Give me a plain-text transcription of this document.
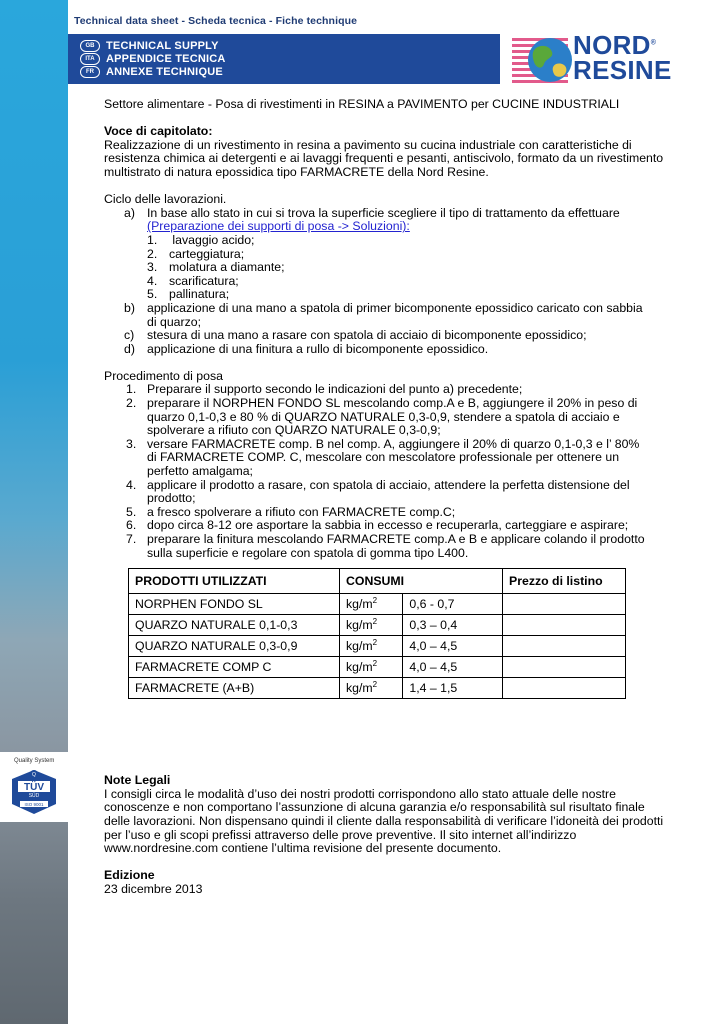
Quality System
Q
TÜV
SÜD
ISO 9001
Technical data sheet - Scheda tecnica - Fiche technique
GB	TECHNICAL SUPPLY
ITA	APPENDICE TECNICA
FR	ANNEXE TECHNIQUE
NORD®
RESINE

Settore alimentare - Posa di rivestimenti in RESINA a PAVIMENTO per CUCINE INDUSTRIALI

Voce di capitolato:

Realizzazione di un rivestimento in resina a pavimento su cucina industriale con caratteristiche di resistenza chimica ai detergenti e ai lavaggi frequenti e pesanti, antiscivolo, formato da un rivestimento multistrato di natura epossidica tipo FARMACRETE della Nord Resine.

Ciclo delle lavorazioni.

a) In base allo stato in cui si trova la superficie scegliere il tipo di trattamento da effettuare

(Preparazione dei supporti di posa -> Soluzioni):

1. lavaggio acido;
2. carteggiatura;
3. molatura a diamante;
4. scarificatura;
5. pallinatura;
b) applicazione di una mano a spatola di primer bicomponente epossidico caricato con sabbia di quarzo;
c)	stesura di una mano a rasare con spatola di acciaio di bicomponente epossidico;
d) applicazione di una finitura a rullo di bicomponente epossidico.

Procedimento di posa

1. Preparare il supporto secondo le indicazioni del punto a) precedente;
2. preparare il NORPHEN FONDO SL mescolando comp.A e B, aggiungere il 20% in peso di quarzo 0,1-0,3 e 80 % di QUARZO NATURALE 0,3-0,9, stendere a spatola di acciaio e spolverare a rifiuto con QUARZO NATURALE 0,3-0,9;
3. versare FARMACRETE comp. B nel comp. A, aggiungere il 20% di quarzo 0,1-0,3 e l’ 80% di FARMACRETE COMP. C, mescolare con mescolatore professionale per ottenere un perfetto amalgama;
4. applicare il prodotto a rasare, con spatola di acciaio, attendere la perfetta distensione del prodotto;
5. a fresco spolverare a rifiuto con FARMACRETE comp.C;
6. dopo circa 8-12 ore asportare la sabbia in eccesso e recuperarla, carteggiare e aspirare;
7. preparare la finitura mescolando FARMACRETE comp.A e B e applicare colando il prodotto sulla superficie e regolare con spatola di gomma tipo L400.

Note Legali

I consigli circa le modalità d’uso dei nostri prodotti corrispondono allo stato attuale delle nostre conoscenze e non comportano l’assunzione di alcuna garanzia e/o responsabilità sul risultato finale delle lavorazioni. Non dispensano quindi il cliente dalla responsabilità di verificare l’idoneità dei prodotti per l’uso e gli scopi prefissi attraverso delle prove preventive. Il sito internet all’indirizzo www.nordresine.com contiene l’ultima revisione del presente documento.

Edizione

23 dicembre 2013

PRODOTTI UTILIZZATI	CONSUMI		Prezzo di listino
NORPHEN FONDO SL	$kg/m^2$	0,6 - 0,7	
QUARZO NATURALE 0,1-0,3	$kg/m^2$	0,3 – 0,4	
QUARZO NATURALE 0,3-0,9	$kg/m^2$	4,0 – 4,5	
FARMACRETE COMP C	$kg/m^2$	4,0 – 4,5	
FARMACRETE (A+B)	$kg/m^2$	1,4 – 1,5	
